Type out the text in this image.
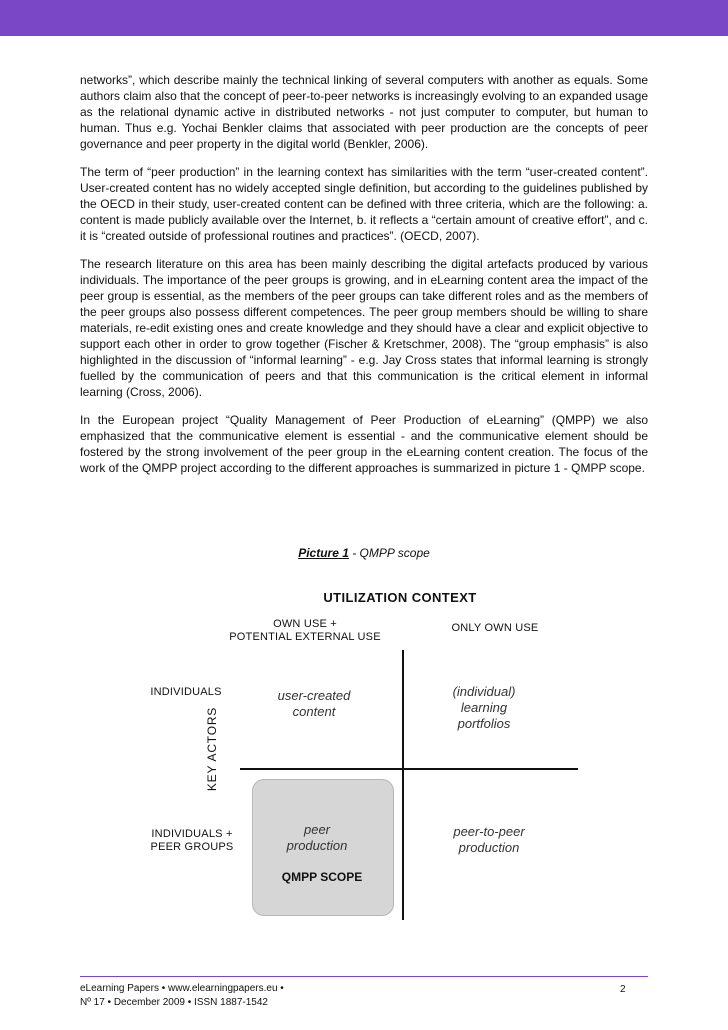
networks”, which describe mainly the technical linking of several computers with another as equals. Some authors claim also that the concept of peer-to-peer networks is increasingly evolving to an expanded usage as the relational dynamic active in distributed networks - not just computer to computer, but human to human. Thus e.g. Yochai Benkler claims that associated with peer production are the concepts of peer governance and peer property in the digital world (Benkler, 2006).

The term of “peer production” in the learning context has similarities with the term “user-created content”. User-created content has no widely accepted single definition, but according to the guidelines published by the OECD in their study, user-created content can be defined with three criteria, which are the following: a. content is made publicly available over the Internet, b. it reflects a “certain amount of creative effort”, and c. it is “created outside of professional routines and practices”. (OECD, 2007).

The research literature on this area has been mainly describing the digital artefacts produced by various individuals. The importance of the peer groups is growing, and in eLearning content area the impact of the peer group is essential, as the members of the peer groups can take different roles and as the members of the peer groups also possess different competences. The peer group members should be willing to share materials, re-edit existing ones and create knowledge and they should have a clear and explicit objective to support each other in order to grow together (Fischer & Kretschmer, 2008). The “group emphasis” is also highlighted in the discussion of “informal learning” - e.g. Jay Cross states that informal learning is strongly fuelled by the communication of peers and that this communication is the critical element in informal learning (Cross, 2006).

In the European project “Quality Management of Peer Production of eLearning” (QMPP) we also emphasized that the communicative element is essential - and the communicative element should be fostered by the strong involvement of the peer group in the eLearning content creation. The focus of the work of the QMPP project according to the different approaches is summarized in picture 1 - QMPP scope.

Picture 1 - QMPP scope
UTILIZATION CONTEXT
OWN USE +
POTENTIAL EXTERNAL USE
ONLY OWN USE
KEY ACTORS
INDIVIDUALS
INDIVIDUALS +
PEER GROUPS
user-created
content
(individual)
learning
portfolios
peer
production
peer-to-peer
production
QMPP SCOPE
eLearning Papers • www.elearningpapers.eu •
Nº 17 • December 2009 • ISSN 1887-1542
2
